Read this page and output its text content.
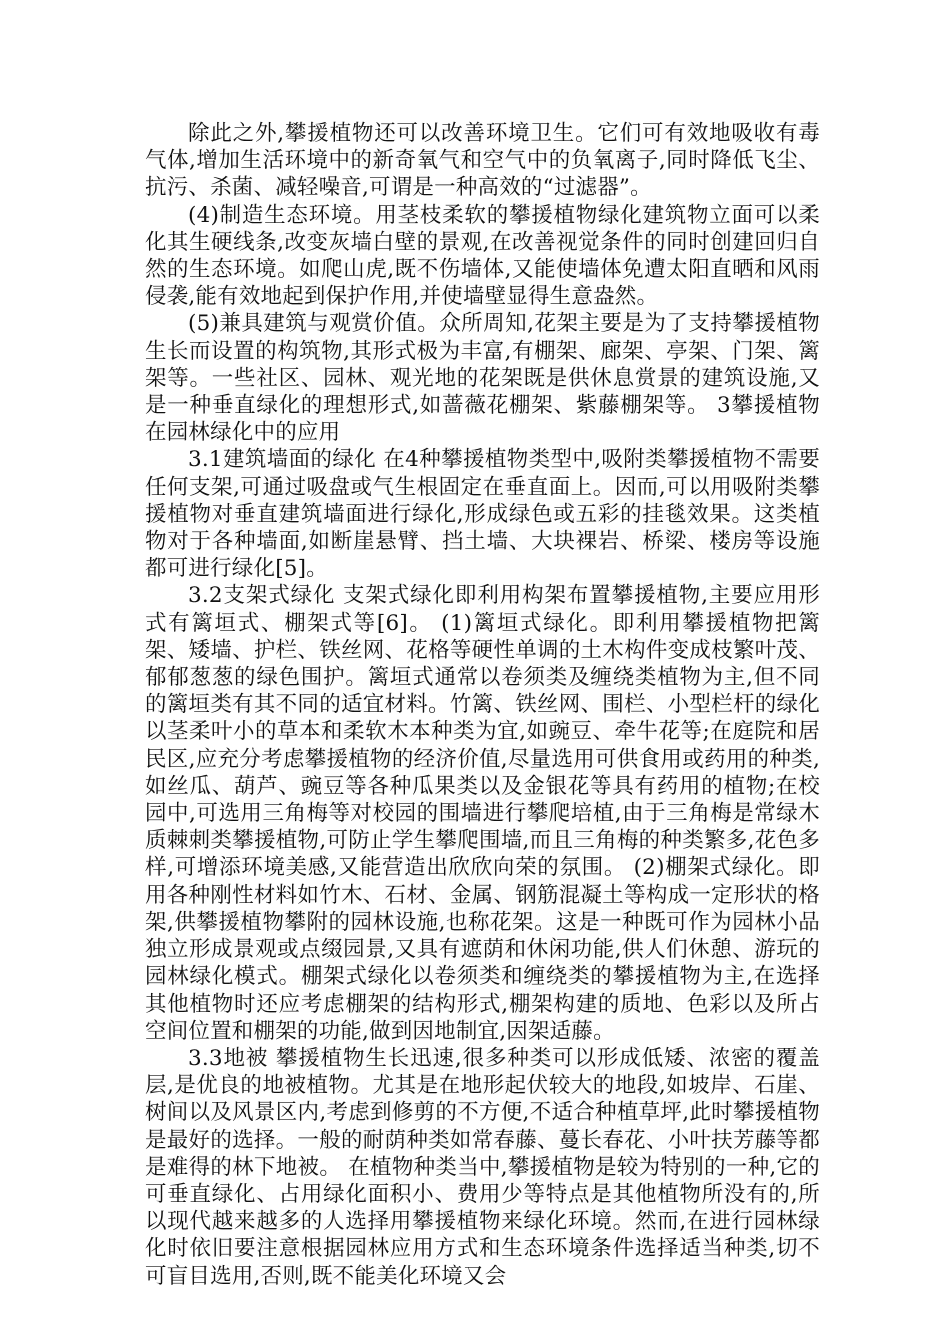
除此之外,攀援植物还可以改善环境卫生。它们可有效地吸收有毒气体,增加生活环境中的新奇氧气和空气中的负氧离子,同时降低飞尘、抗污、杀菌、减轻噪音,可谓是一种高效的“过滤器”。

(4)制造生态环境。用茎枝柔软的攀援植物绿化建筑物立面可以柔化其生硬线条,改变灰墙白壁的景观,在改善视觉条件的同时创建回归自然的生态环境。如爬山虎,既不伤墙体,又能使墙体免遭太阳直晒和风雨侵袭,能有效地起到保护作用,并使墙壁显得生意盎然。

(5)兼具建筑与观赏价值。众所周知,花架主要是为了支持攀援植物生长而设置的构筑物,其形式极为丰富,有棚架、廊架、亭架、门架、篱架等。一些社区、园林、观光地的花架既是供休息赏景的建筑设施,又是一种垂直绿化的理想形式,如蔷薇花棚架、紫藤棚架等。 3攀援植物在园林绿化中的应用

3.1建筑墙面的绿化 在4种攀援植物类型中,吸附类攀援植物不需要任何支架,可通过吸盘或气生根固定在垂直面上。因而,可以用吸附类攀援植物对垂直建筑墙面进行绿化,形成绿色或五彩的挂毯效果。这类植物对于各种墙面,如断崖悬臂、挡土墙、大块裸岩、桥梁、楼房等设施都可进行绿化[5]。

3.2支架式绿化 支架式绿化即利用构架布置攀援植物,主要应用形式有篱垣式、棚架式等[6]。 (1)篱垣式绿化。即利用攀援植物把篱架、矮墙、护栏、铁丝网、花格等硬性单调的土木构件变成枝繁叶茂、郁郁葱葱的绿色围护。篱垣式通常以卷须类及缠绕类植物为主,但不同的篱垣类有其不同的适宜材料。竹篱、铁丝网、围栏、小型栏杆的绿化以茎柔叶小的草本和柔软木本种类为宜,如豌豆、牵牛花等;在庭院和居民区,应充分考虑攀援植物的经济价值,尽量选用可供食用或药用的种类,如丝瓜、葫芦、豌豆等各种瓜果类以及金银花等具有药用的植物;在校园中,可选用三角梅等对校园的围墙进行攀爬培植,由于三角梅是常绿木质棘刺类攀援植物,可防止学生攀爬围墙,而且三角梅的种类繁多,花色多样,可增添环境美感,又能营造出欣欣向荣的氛围。 (2)棚架式绿化。即用各种刚性材料如竹木、石材、金属、钢筋混凝土等构成一定形状的格架,供攀援植物攀附的园林设施,也称花架。这是一种既可作为园林小品独立形成景观或点缀园景,又具有遮荫和休闲功能,供人们休憩、游玩的园林绿化模式。棚架式绿化以卷须类和缠绕类的攀援植物为主,在选择其他植物时还应考虑棚架的结构形式,棚架构建的质地、色彩以及所占空间位置和棚架的功能,做到因地制宜,因架适藤。

3.3地被 攀援植物生长迅速,很多种类可以形成低矮、浓密的覆盖层,是优良的地被植物。尤其是在地形起伏较大的地段,如坡岸、石崖、树间以及风景区内,考虑到修剪的不方便,不适合种植草坪,此时攀援植物是最好的选择。一般的耐荫种类如常春藤、蔓长春花、小叶扶芳藤等都是难得的林下地被。 在植物种类当中,攀援植物是较为特别的一种,它的可垂直绿化、占用绿化面积小、费用少等特点是其他植物所没有的,所以现代越来越多的人选择用攀援植物来绿化环境。然而,在进行园林绿化时依旧要注意根据园林应用方式和生态环境条件选择适当种类,切不可盲目选用,否则,既不能美化环境又会
